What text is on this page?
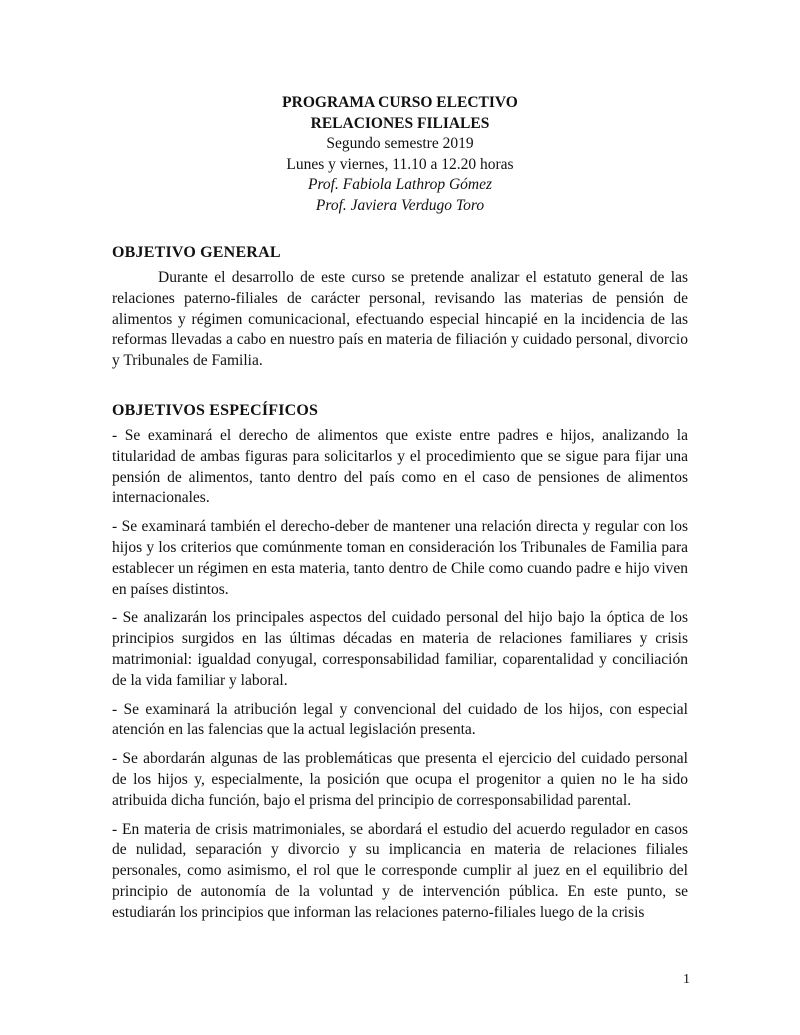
PROGRAMA CURSO ELECTIVO
RELACIONES FILIALES
Segundo semestre 2019
Lunes y viernes, 11.10 a 12.20 horas
Prof. Fabiola Lathrop Gómez
Prof. Javiera Verdugo Toro
OBJETIVO GENERAL

Durante el desarrollo de este curso se pretende analizar el estatuto general de las relaciones paterno-filiales de carácter personal, revisando las materias de pensión de alimentos y régimen comunicacional, efectuando especial hincapié en la incidencia de las reformas llevadas a cabo en nuestro país en materia de filiación y cuidado personal, divorcio y Tribunales de Familia.

OBJETIVOS ESPECÍFICOS

- Se examinará el derecho de alimentos que existe entre padres e hijos, analizando la titularidad de ambas figuras para solicitarlos y el procedimiento que se sigue para fijar una pensión de alimentos, tanto dentro del país como en el caso de pensiones de alimentos internacionales.

- Se examinará también el derecho-deber de mantener una relación directa y regular con los hijos y los criterios que comúnmente toman en consideración los Tribunales de Familia para establecer un régimen en esta materia, tanto dentro de Chile como cuando padre e hijo viven en países distintos.

- Se analizarán los principales aspectos del cuidado personal del hijo bajo la óptica de los principios surgidos en las últimas décadas en materia de relaciones familiares y crisis matrimonial: igualdad conyugal, corresponsabilidad familiar, coparentalidad y conciliación de la vida familiar y laboral.

- Se examinará la atribución legal y convencional del cuidado de los hijos, con especial atención en las falencias que la actual legislación presenta.

- Se abordarán algunas de las problemáticas que presenta el ejercicio del cuidado personal de los hijos y, especialmente, la posición que ocupa el progenitor a quien no le ha sido atribuida dicha función, bajo el prisma del principio de corresponsabilidad parental.

- En materia de crisis matrimoniales, se abordará el estudio del acuerdo regulador en casos de nulidad, separación y divorcio y su implicancia en materia de relaciones filiales personales, como asimismo, el rol que le corresponde cumplir al juez en el equilibrio del principio de autonomía de la voluntad y de intervención pública. En este punto, se estudiarán los principios que informan las relaciones paterno-filiales luego de la crisis

1
